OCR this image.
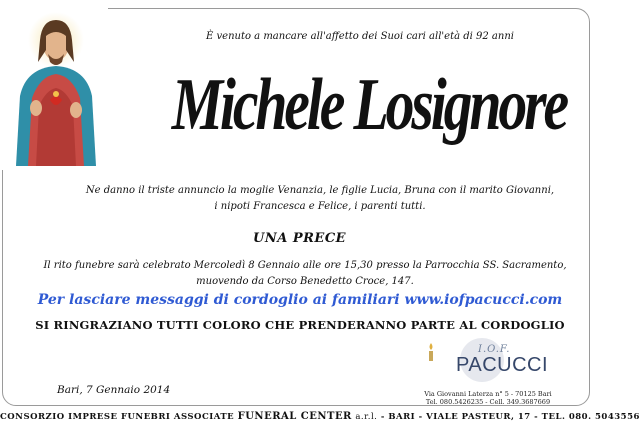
È venuto a mancare all'affetto dei Suoi cari all'età di 92 anni
Michele Losignore
Ne danno il triste annuncio la moglie Venanzia, le figlie Lucia, Bruna con il marito Giovanni,
i nipoti Francesca e Felice, i parenti tutti.
UNA PRECE
Il rito funebre sarà celebrato Mercoledì 8 Gennaio alle ore 15,30 presso la Parrocchia SS. Sacramento,
muovendo da Corso Benedetto Croce, 147.
Per lasciare messaggi di cordoglio ai familiari www.iofpacucci.com
SI RINGRAZIANO TUTTI COLORO CHE PRENDERANNO PARTE AL CORDOGLIO
I.O.F.
PACUCCI
Via Giovanni Laterza n° 5 - 70125 Bari
Tel. 080.5426235 - Cell. 349.3687669
Bari, 7 Gennaio 2014
CONSORZIO IMPRESE FUNEBRI ASSOCIATE FUNERAL CENTER a.r.l. - BARI - VIALE PASTEUR, 17 - TEL. 080. 5043556
